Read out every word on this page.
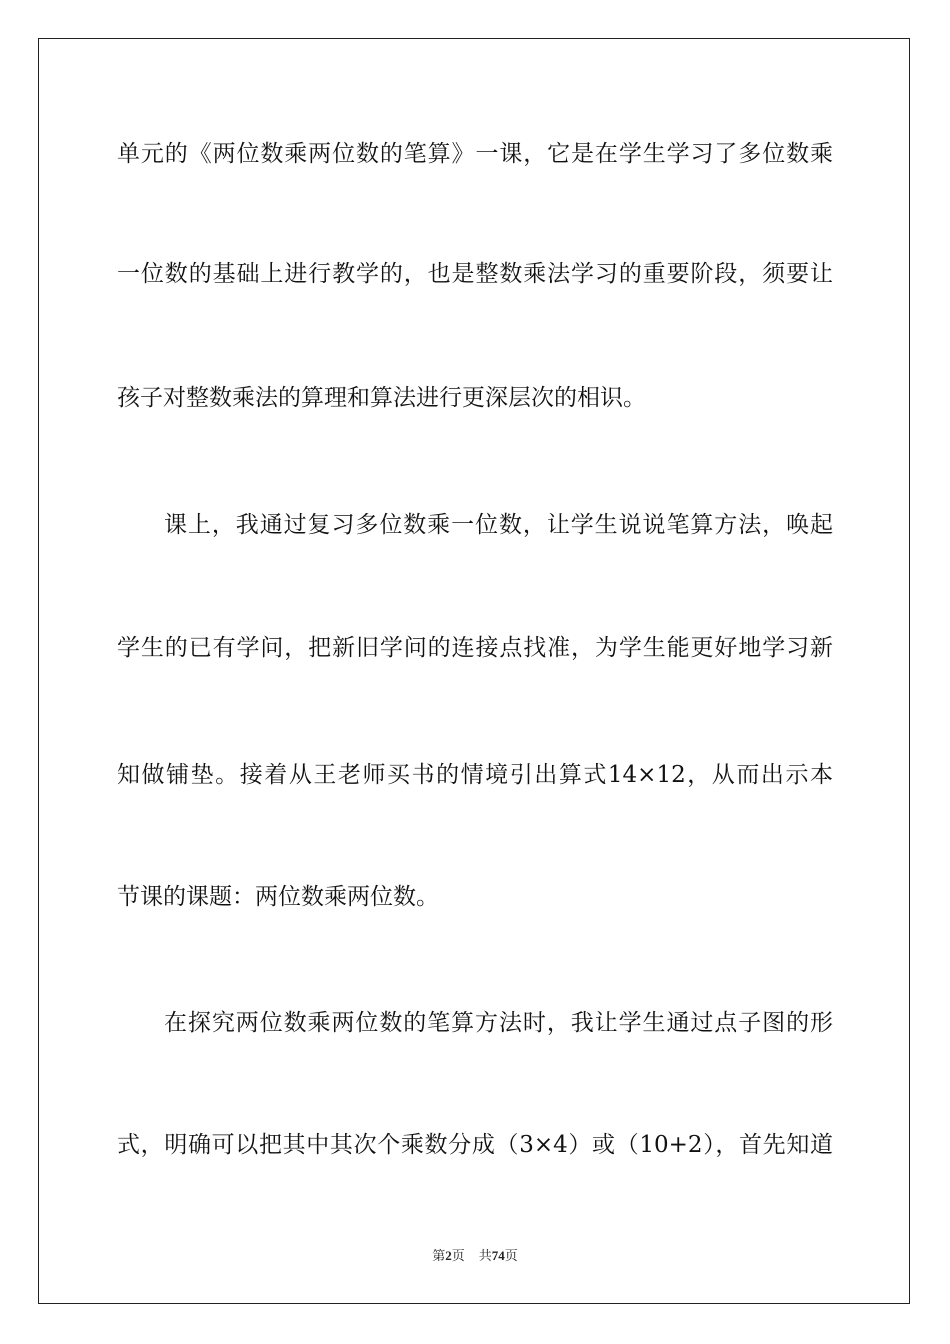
单元的《两位数乘两位数的笔算》一课，它是在学生学习了多位数乘
一位数的基础上进行教学的，也是整数乘法学习的重要阶段，须要让
孩子对整数乘法的算理和算法进行更深层次的相识。
课上，我通过复习多位数乘一位数，让学生说说笔算方法，唤起
学生的已有学问，把新旧学问的连接点找准，为学生能更好地学习新
知做铺垫。接着从王老师买书的情境引出算式14×12，从而出示本
节课的课题：两位数乘两位数。
在探究两位数乘两位数的笔算方法时，我让学生通过点子图的形
式，明确可以把其中其次个乘数分成（3×4）或（10+2），首先知道
第2页 共74页
